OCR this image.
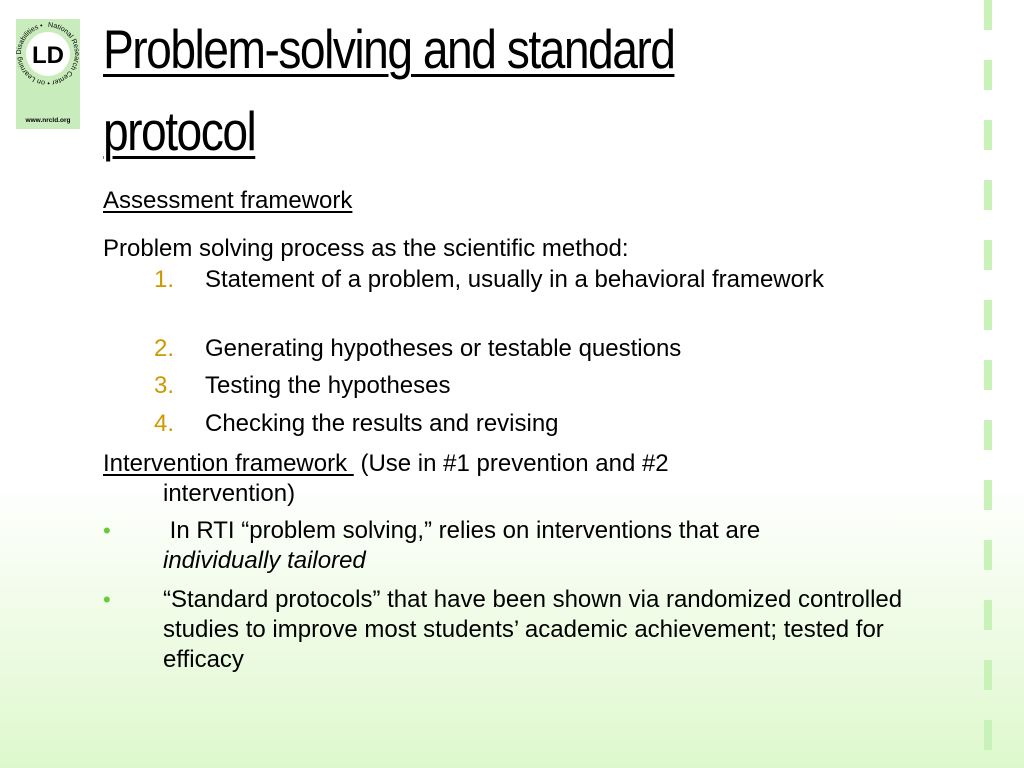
National Research Center • on Learning Disabilities •
LD
www.nrcld.org
Problem-solving and standard protocol
Assessment framework
Problem solving process as the scientific method:
1. Statement of a problem, usually in a behavioral framework
2. Generating hypotheses or testable questions
3. Testing the hypotheses
4. Checking the results and revising
Intervention framework  (Use in #1 prevention and #2
intervention)
• In RTI “problem solving,” relies on interventions that are
individually tailored
• “Standard protocols” that have been shown via randomized controlled studies to improve most students’ academic achievement; tested for efficacy
